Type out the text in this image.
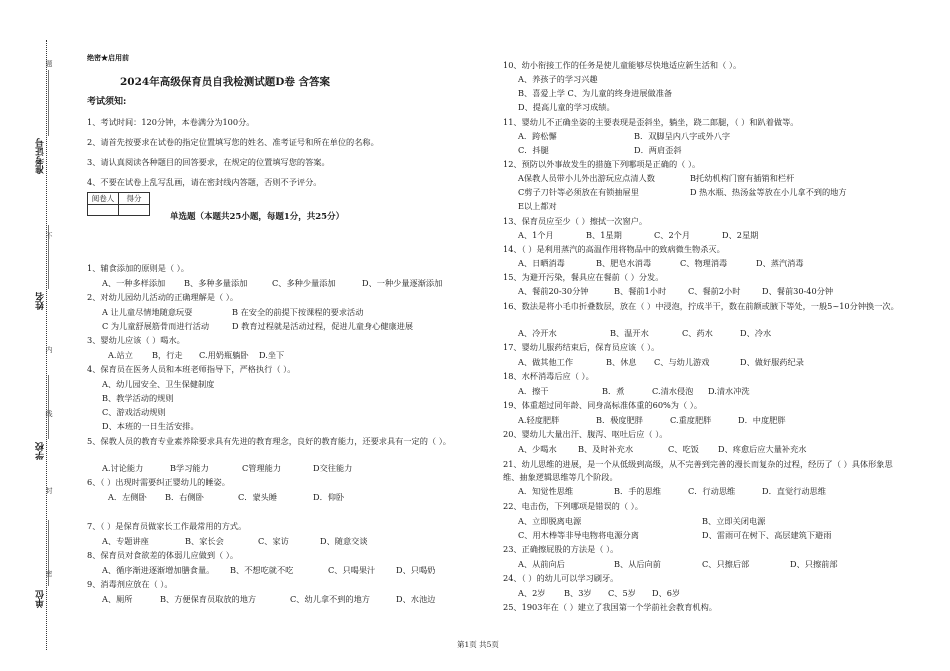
准考证号
姓名
学校
单位
题
不
内
线
封
密
绝密★启用前
2024年高级保育员自我检测试题D卷 含答案
考试须知:
1、考试时间：120分钟，本卷满分为100分。
2、请首先按要求在试卷的指定位置填写您的姓名、准考证号和所在单位的名称。
3、请认真阅读各种题目的回答要求，在规定的位置填写您的答案。
4、不要在试卷上乱写乱画，请在密封线内答题，否则不予评分。
阅卷人	得分

单选题（本题共25小题，每题1分，共25分）
1、辅食添加的原则是（ ）。
A、一种多样添加 B、多种多量添加	C、多种少量添加	D、一种少量逐渐添加
2、对幼儿园幼儿活动的正确理解是（ ）。
A 让儿童尽情地随意玩耍	B 在安全的前提下按课程的要求活动
C 为儿童舒展筋骨而进行活动	D 教育过程就是活动过程，促进儿童身心健康进展
3、婴幼儿应该（ ）喝水。
A.站立 B，行走 C.用奶瓶躺卧 D.坐下
4、保育员在医务人员和本班老师指导下，严格执行（ ）。
A、幼儿园安全、卫生保健制度
B、教学活动的规则
C、游戏活动规则
D、本班的一日生活安排。
5、保教人员的教育专业素养除要求具有先进的教育理念，良好的教育能力，还要求具有一定的（ ）。
A.讨论能力	B学习能力	C管理能力	D交往能力
6、（ ）出现时需要纠正婴幼儿的睡姿。
A．左侧卧 B．右侧卧	C．蒙头睡	D．仰卧
7、（ ）是保育员做家长工作最常用的方式。
A、专题讲座	B、家长会	C、家访	D、随意交谈
8、保育员对食欲差的体弱儿应做到（ ）。
A、循序渐进逐渐增加膳食量。 B、不想吃就不吃	C、只喝果汁	D、只喝奶
9、消毒剂应放在（ ）。
A、厕所	B、方便保育员取放的地方	C、幼儿拿不到的地方	D、水池边
10、幼小衔接工作的任务是使儿童能够尽快地适应新生活和（ ）。
A、养孩子的学习兴趣
B、喜爱上学 C、为儿童的终身进展做准备
D、提高儿童的学习成绩。
11、婴幼儿不正确坐姿的主要表现是歪斜坐，躺坐，跷二郎腿，（ ）和趴着做等。
A．跨松懈	B．双脚呈内八字或外八字
C．抖腿	D．两肩歪斜
12、预防以外事故发生的措施下列哪项是正确的（ ）。
A保教人员带小儿外出游玩应点清人数	B托幼机构门窗有插销和栏杆
C剪子刀针等必须放在有锁抽屉里	D 热水瓶、热汤盆等放在小儿拿不到的地方
E以上都对
13、保育员应至少（ ）擦拭一次窗户。
A、1个月	B、1星期	C、2个月	D、2星期
14、（ ）是利用蒸汽的高温作用将物品中的致病微生物杀灭。
A、日晒消毒	B、肥皂水消毒	C、物理消毒	D、蒸汽消毒
15、为避开污染，餐具应在餐前（ ）分发。
A、餐前20-30分钟	B、餐前1小时	C、餐前2小时	D、餐前30-40分钟
16、数法是将小毛巾折叠数层，放在（ ）中浸泡，拧成半干，数在前额或腋下等处，一般5~10分钟换一次。
A、冷开水	B、温开水	C、药水	D、冷水
17、婴幼儿服药结束后，保育员应该（ ）。
A、做其他工作	B、休息 C、与幼儿游戏	D、做好服药纪录
18、水杯消毒后应（ ）。
A．擦干	B．煮	C.清水侵泡 D.清水冲洗
19、体重超过同年龄、同身高标准体重的60%为（ ）。
A.轻度肥胖	B．极度肥胖	C.重度肥胖	D．中度肥胖
20、婴幼儿大量出汗、腹泻、呕吐后应（ ）。
A、少喝水	B、及时补充水	C、吃饭 D、疼愈后应大量补充水
21、幼儿思维的进展，是一个从低级到高级，从不完善到完善的漫长而复杂的过程，经历了（ ）具体形象思维、抽象逻辑思维等几个阶段。
A．知觉性思维	B．手的思维	C．行动思维	D．直觉行动思维
22、电击伤，下列哪项是错误的（ ）。
A、立即脱离电源	B、立即关闭电源
C、用木棒等非导电物将电源分离	D、雷雨可在树下、高层建筑下避雨
23、正确擦屁股的方法是（ ）。
A、从前向后	B、从后向前	C、只擦后部	D、只擦前部
24、（ ）的幼儿可以学习刷牙。
A、2岁 B、3岁 C、5岁 D、6岁
25、1903年在（ ）建立了我国第一个学前社会教育机构。
第1页 共5页
